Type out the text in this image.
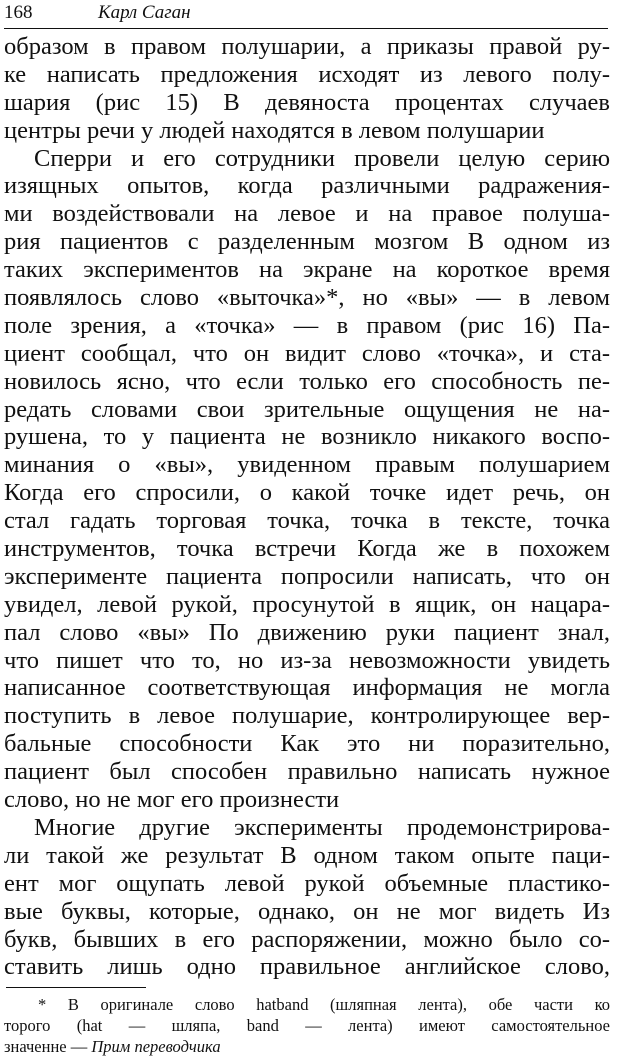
168	Карл Саган
образом в правом полушарии, а приказы правой ру-
ке написать предложения исходят из левого полу-
шария (рис 15) В девяноста процентах случаев
центры речи у людей находятся в левом полушарии
Сперри и его сотрудники провели целую серию
изящных опытов, когда различными радражения-
ми воздействовали на левое и на правое полуша-
рия пациентов с разделенным мозгом В одном из
таких экспериментов на экране на короткое время
появлялось слово «выточка»*, но «вы» — в левом
поле зрения, а «точка» — в правом (рис 16) Па-
циент сообщал, что он видит слово «точка», и ста-
новилось ясно, что если только его способность пе-
редать словами свои зрительные ощущения не на-
рушена, то у пациента не возникло никакого воспо-
минания о «вы», увиденном правым полушарием
Когда его спросили, о какой точке идет речь, он
стал гадать торговая точка, точка в тексте, точка
инструментов, точка встречи Когда же в похожем
эксперименте пациента попросили написать, что он
увидел, левой рукой, просунутой в ящик, он нацара-
пал слово «вы» По движению руки пациент знал,
что пишет что то, но из-за невозможности увидеть
написанное соответствующая информация не могла
поступить в левое полушарие, контролирующее вер-
бальные способности Как это ни поразительно,
пациент был способен правильно написать нужное
слово, но не мог его произнести
Многие другие эксперименты продемонстрирова-
ли такой же результат В одном таком опыте паци-
ент мог ощупать левой рукой объемные пластико-
вые буквы, которые, однако, он не мог видеть Из
букв, бывших в его распоряжении, можно было со-
ставить лишь одно правильное английское слово,
* В оригинале слово hatband (шляпная лента), обе части ко
торого (hat — шляпа, band — лента) имеют самостоятельное
значенне — Прим переводчика
